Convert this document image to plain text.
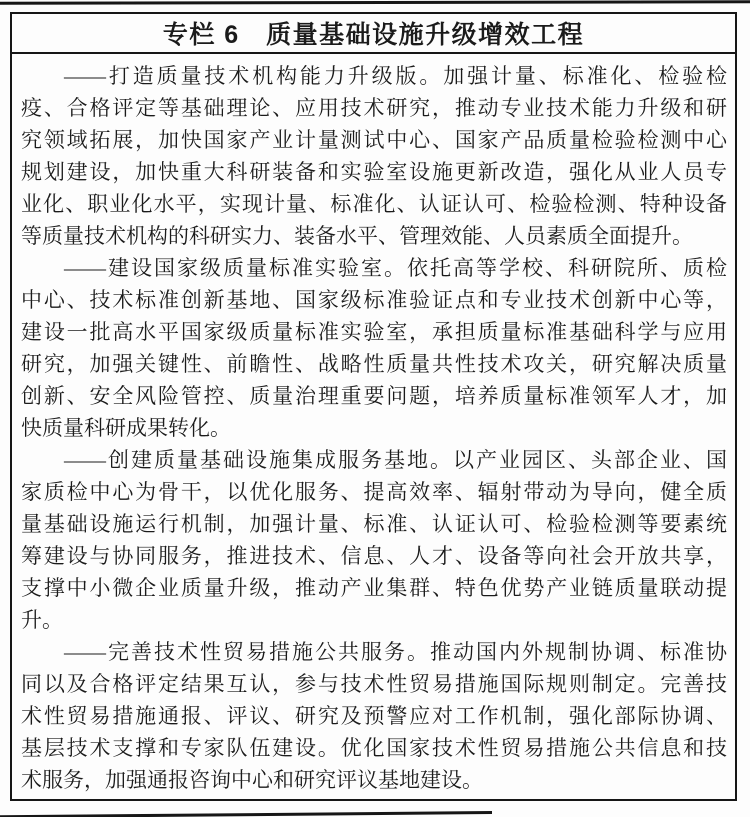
专栏 6　质量基础设施升级增效工程
——打造质量技术机构能力升级版。加强计量、标准化、检验检
疫、合格评定等基础理论、应用技术研究，推动专业技术能力升级和研
究领域拓展，加快国家产业计量测试中心、国家产品质量检验检测中心
规划建设，加快重大科研装备和实验室设施更新改造，强化从业人员专
业化、职业化水平，实现计量、标准化、认证认可、检验检测、特种设备
等质量技术机构的科研实力、装备水平、管理效能、人员素质全面提升。
——建设国家级质量标准实验室。依托高等学校、科研院所、质检
中心、技术标准创新基地、国家级标准验证点和专业技术创新中心等，
建设一批高水平国家级质量标准实验室，承担质量标准基础科学与应用
研究，加强关键性、前瞻性、战略性质量共性技术攻关，研究解决质量
创新、安全风险管控、质量治理重要问题，培养质量标准领军人才，加
快质量科研成果转化。
——创建质量基础设施集成服务基地。以产业园区、头部企业、国
家质检中心为骨干，以优化服务、提高效率、辐射带动为导向，健全质
量基础设施运行机制，加强计量、标准、认证认可、检验检测等要素统
筹建设与协同服务，推进技术、信息、人才、设备等向社会开放共享，
支撑中小微企业质量升级，推动产业集群、特色优势产业链质量联动提
升。
——完善技术性贸易措施公共服务。推动国内外规制协调、标准协
同以及合格评定结果互认，参与技术性贸易措施国际规则制定。完善技
术性贸易措施通报、评议、研究及预警应对工作机制，强化部际协调、
基层技术支撑和专家队伍建设。优化国家技术性贸易措施公共信息和技
术服务，加强通报咨询中心和研究评议基地建设。
